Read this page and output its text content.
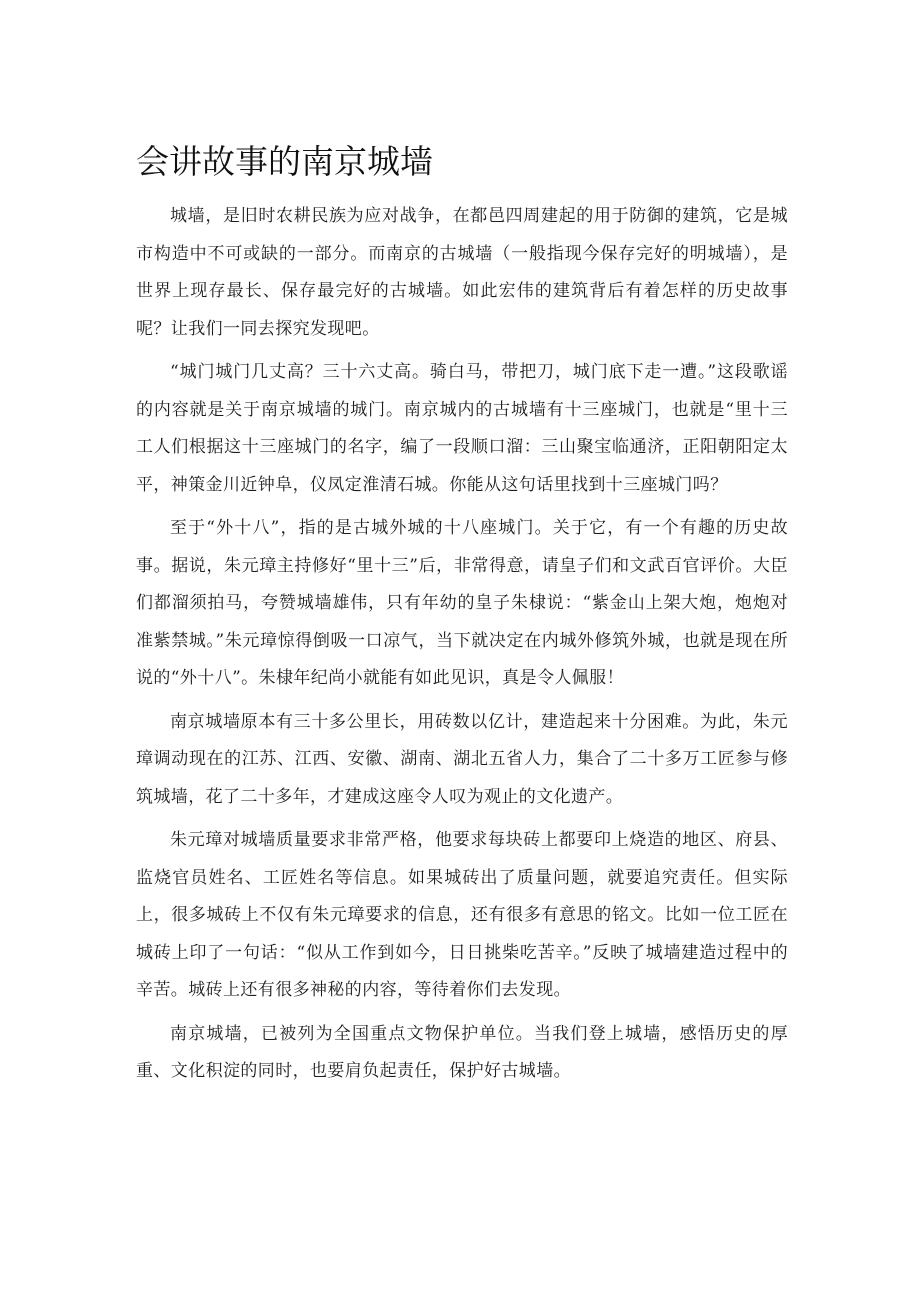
会讲故事的南京城墙

城墙，是旧时农耕民族为应对战争，在都邑四周建起的用于防御的建筑，它是城市构造中不可或缺的一部分。而南京的古城墙（一般指现今保存完好的明城墙），是世界上现存最长、保存最完好的古城墙。如此宏伟的建筑背后有着怎样的历史故事呢？让我们一同去探究发现吧。

“城门城门几丈高？三十六丈高。骑白马，带把刀，城门底下走一遭。”这段歌谣的内容就是关于南京城墙的城门。南京城内的古城墙有十三座城门，也就是“里十三工人们根据这十三座城门的名字，编了一段顺口溜：三山聚宝临通济，正阳朝阳定太平，神策金川近钟阜，仪凤定淮清石城。你能从这句话里找到十三座城门吗？

至于“外十八”，指的是古城外城的十八座城门。关于它，有一个有趣的历史故事。据说，朱元璋主持修好“里十三”后，非常得意，请皇子们和文武百官评价。大臣们都溜须拍马，夸赞城墙雄伟，只有年幼的皇子朱棣说：“紫金山上架大炮，炮炮对准紫禁城。”朱元璋惊得倒吸一口凉气，当下就决定在内城外修筑外城，也就是现在所说的“外十八”。朱棣年纪尚小就能有如此见识，真是令人佩服！

南京城墙原本有三十多公里长，用砖数以亿计，建造起来十分困难。为此，朱元璋调动现在的江苏、江西、安徽、湖南、湖北五省人力，集合了二十多万工匠参与修筑城墙，花了二十多年，才建成这座令人叹为观止的文化遗产。

朱元璋对城墙质量要求非常严格，他要求每块砖上都要印上烧造的地区、府县、监烧官员姓名、工匠姓名等信息。如果城砖出了质量问题，就要追究责任。但实际上，很多城砖上不仅有朱元璋要求的信息，还有很多有意思的铭文。比如一位工匠在城砖上印了一句话：“似从工作到如今，日日挑柴吃苦辛。”反映了城墙建造过程中的辛苦。城砖上还有很多神秘的内容，等待着你们去发现。

南京城墙，已被列为全国重点文物保护单位。当我们登上城墙，感悟历史的厚重、文化积淀的同时，也要肩负起责任，保护好古城墙。
